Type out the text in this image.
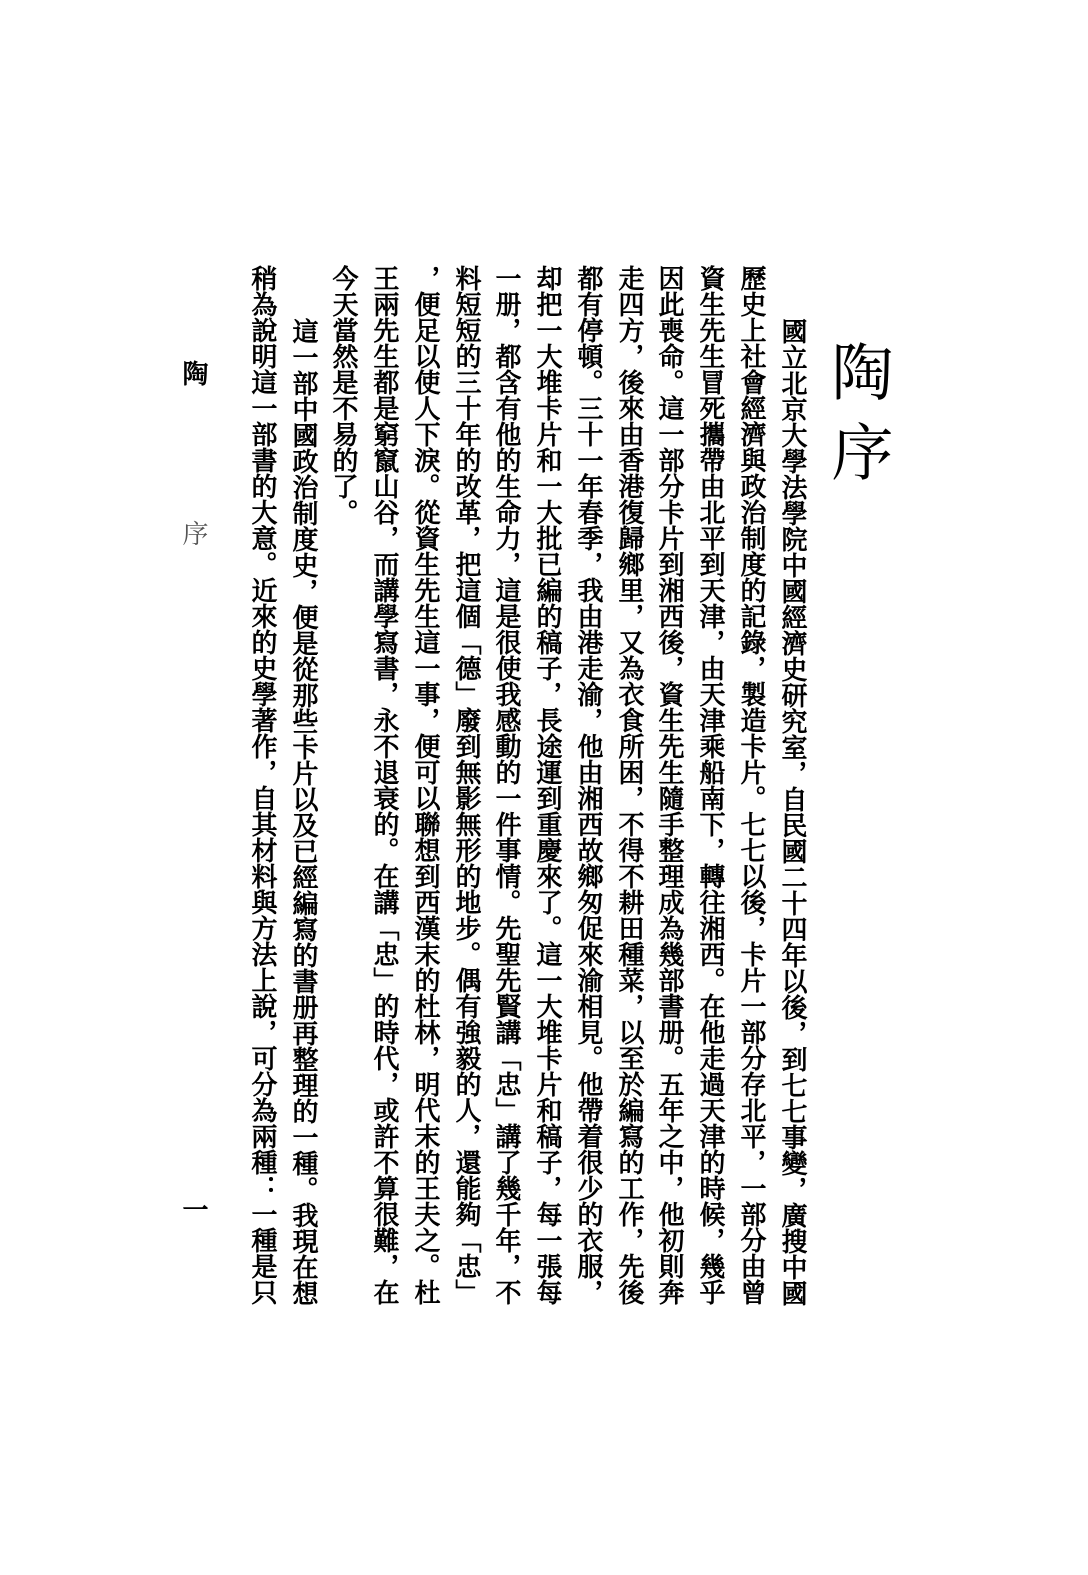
陶序
國立北京大學法學院中國經濟史研究室，自民國二十四年以後，到七七事變，廣搜中國
歷史上社會經濟與政治制度的記錄，製造卡片。七七以後，卡片一部分存北平，一部分由曾
資生先生冒死攜帶由北平到天津，由天津乘船南下，轉往湘西。在他走過天津的時候，幾乎
因此喪命。這一部分卡片到湘西後，資生先生隨手整理成為幾部書册。五年之中，他初則奔
走四方，後來由香港復歸鄉里，又為衣食所困，不得不耕田種菜，以至於編寫的工作，先後
都有停頓。三十一年春季，我由港走渝，他由湘西故鄉匆促來渝相見。他帶着很少的衣服，
却把一大堆卡片和一大批已編的稿子，長途運到重慶來了。這一大堆卡片和稿子，每一張每
一册，都含有他的生命力，這是很使我感動的一件事情。先聖先賢講「忠」講了幾千年，不
料短短的三十年的改革，把這個「德」廢到無影無形的地步。偶有強毅的人，還能夠「忠」
，便足以使人下淚。從資生先生這一事，便可以聯想到西漢末的杜林，明代末的王夫之。杜
王兩先生都是窮竄山谷，而講學寫書，永不退衰的。在講「忠」的時代，或許不算很難，在
今天當然是不易的了。
這一部中國政治制度史，便是從那些卡片以及已經編寫的書册再整理的一種。我現在想
稍為說明這一部書的大意。近來的史學著作，自其材料與方法上說，可分為兩種：一種是只
陶
序
一
